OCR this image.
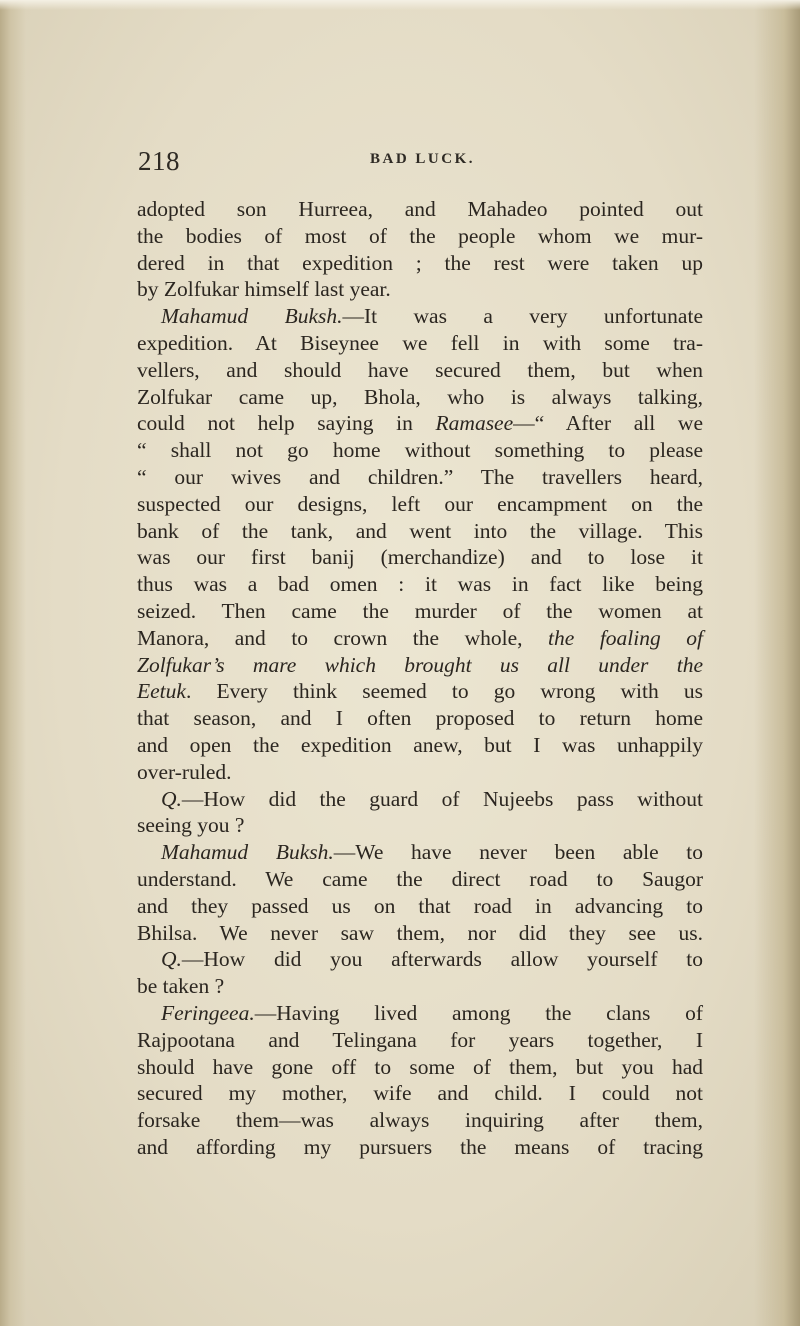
218	BAD LUCK.
adopted son Hurreea, and Mahadeo pointed out
the bodies of most of the people whom we mur-
dered in that expedition ; the rest were taken up
by Zolfukar himself last year.
Mahamud Buksh.—It was a very unfortunate
expedition. At Biseynee we fell in with some tra-
vellers, and should have secured them, but when
Zolfukar came up, Bhola, who is always talking,
could not help saying in Ramasee—“ After all we
“ shall not go home without something to please
“ our wives and children.” The travellers heard,
suspected our designs, left our encampment on the
bank of the tank, and went into the village. This
was our first banij (merchandize) and to lose it
thus was a bad omen : it was in fact like being
seized. Then came the murder of the women at
Manora, and to crown the whole, the foaling of
Zolfukar’s mare which brought us all under the
Eetuk. Every think seemed to go wrong with us
that season, and I often proposed to return home
and open the expedition anew, but I was unhappily
over-ruled.
Q.—How did the guard of Nujeebs pass without
seeing you ?
Mahamud Buksh.—We have never been able to
understand. We came the direct road to Saugor
and they passed us on that road in advancing to
Bhilsa. We never saw them, nor did they see us.
Q.—How did you afterwards allow yourself to
be taken ?
Feringeea.—Having lived among the clans of
Rajpootana and Telingana for years together, I
should have gone off to some of them, but you had
secured my mother, wife and child. I could not
forsake them—was always inquiring after them,
and affording my pursuers the means of tracing
